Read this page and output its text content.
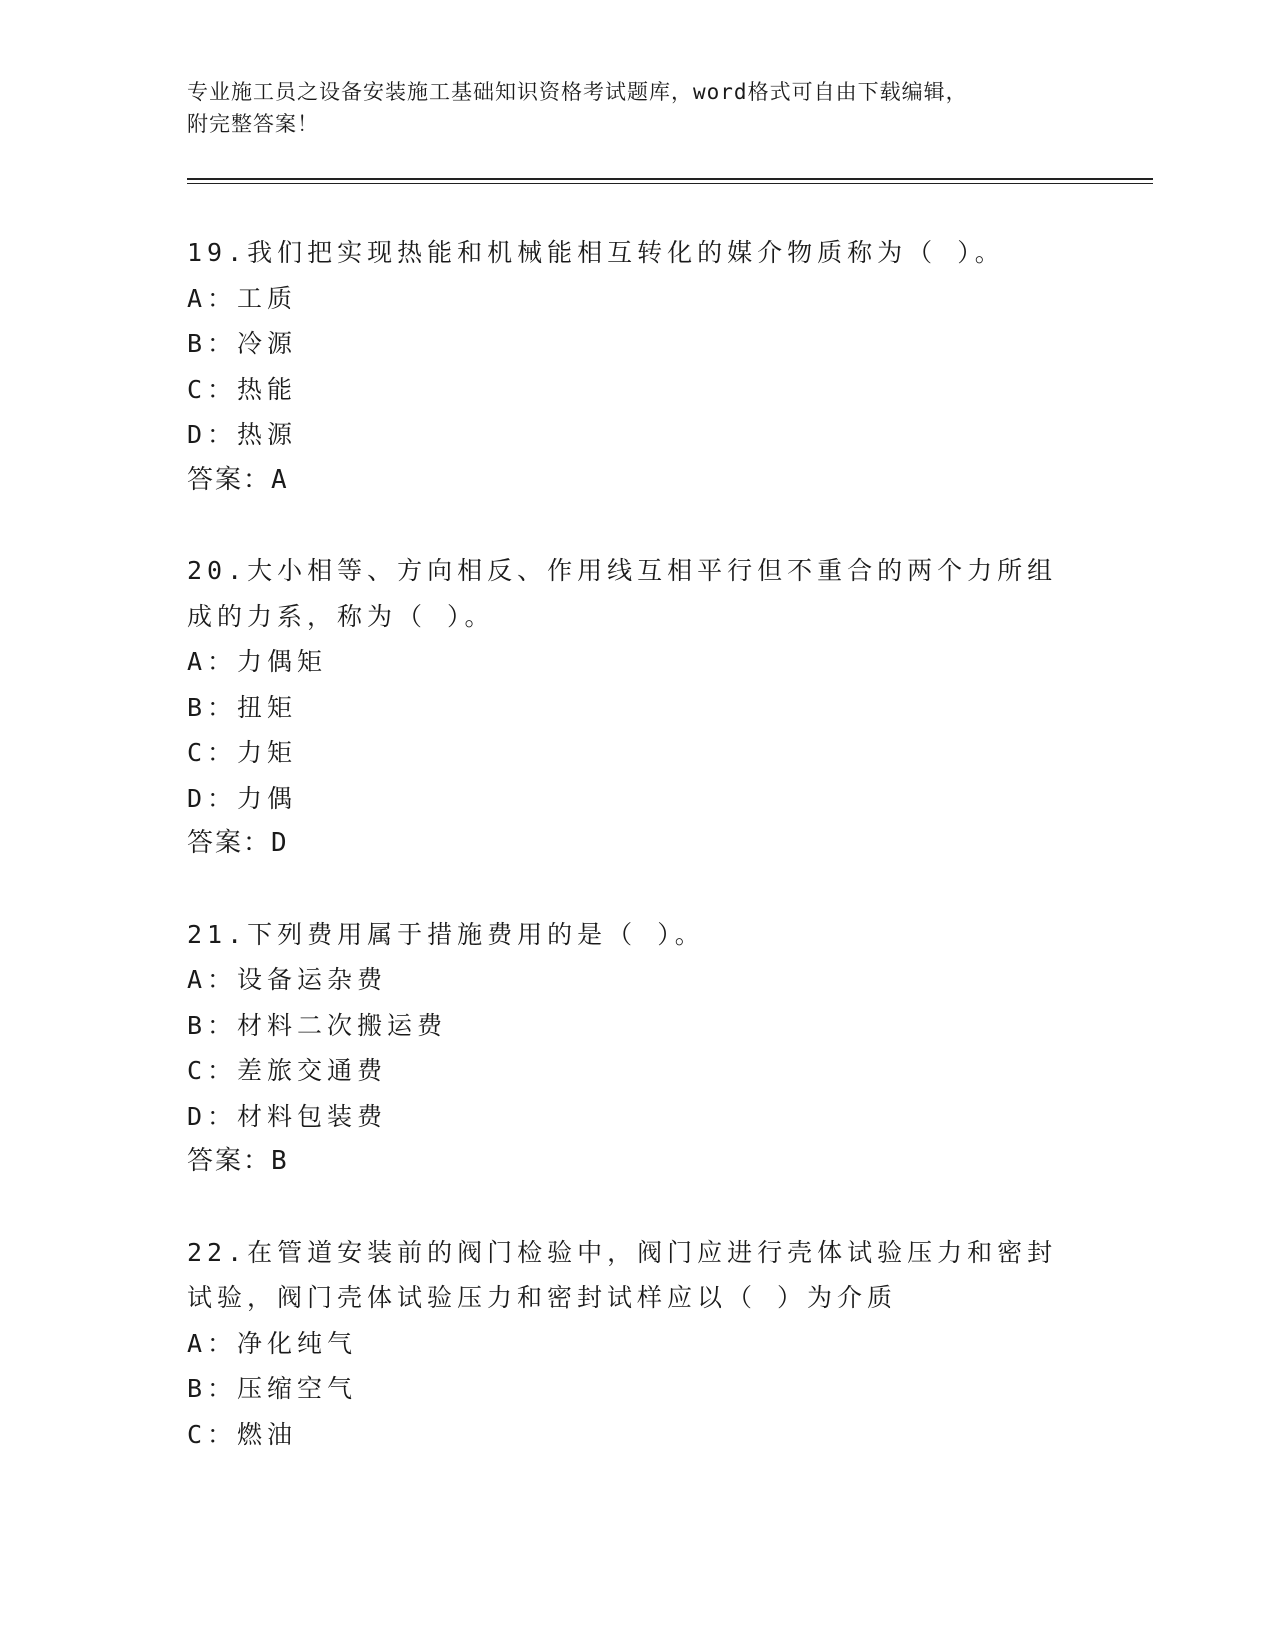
专业施工员之设备安装施工基础知识资格考试题库，word格式可自由下载编辑，
附完整答案！
19.我们把实现热能和机械能相互转化的媒介物质称为（ ）。
A：工质
B：冷源
C：热能
D：热源
答案：A
20.大小相等、方向相反、作用线互相平行但不重合的两个力所组成的力系，称为（ ）。
A：力偶矩
B：扭矩
C：力矩
D：力偶
答案：D
21.下列费用属于措施费用的是（ ）。
A：设备运杂费
B：材料二次搬运费
C：差旅交通费
D：材料包装费
答案：B
22.在管道安装前的阀门检验中，阀门应进行壳体试验压力和密封试验，阀门壳体试验压力和密封试样应以（ ）为介质
A：净化纯气
B：压缩空气
C：燃油
